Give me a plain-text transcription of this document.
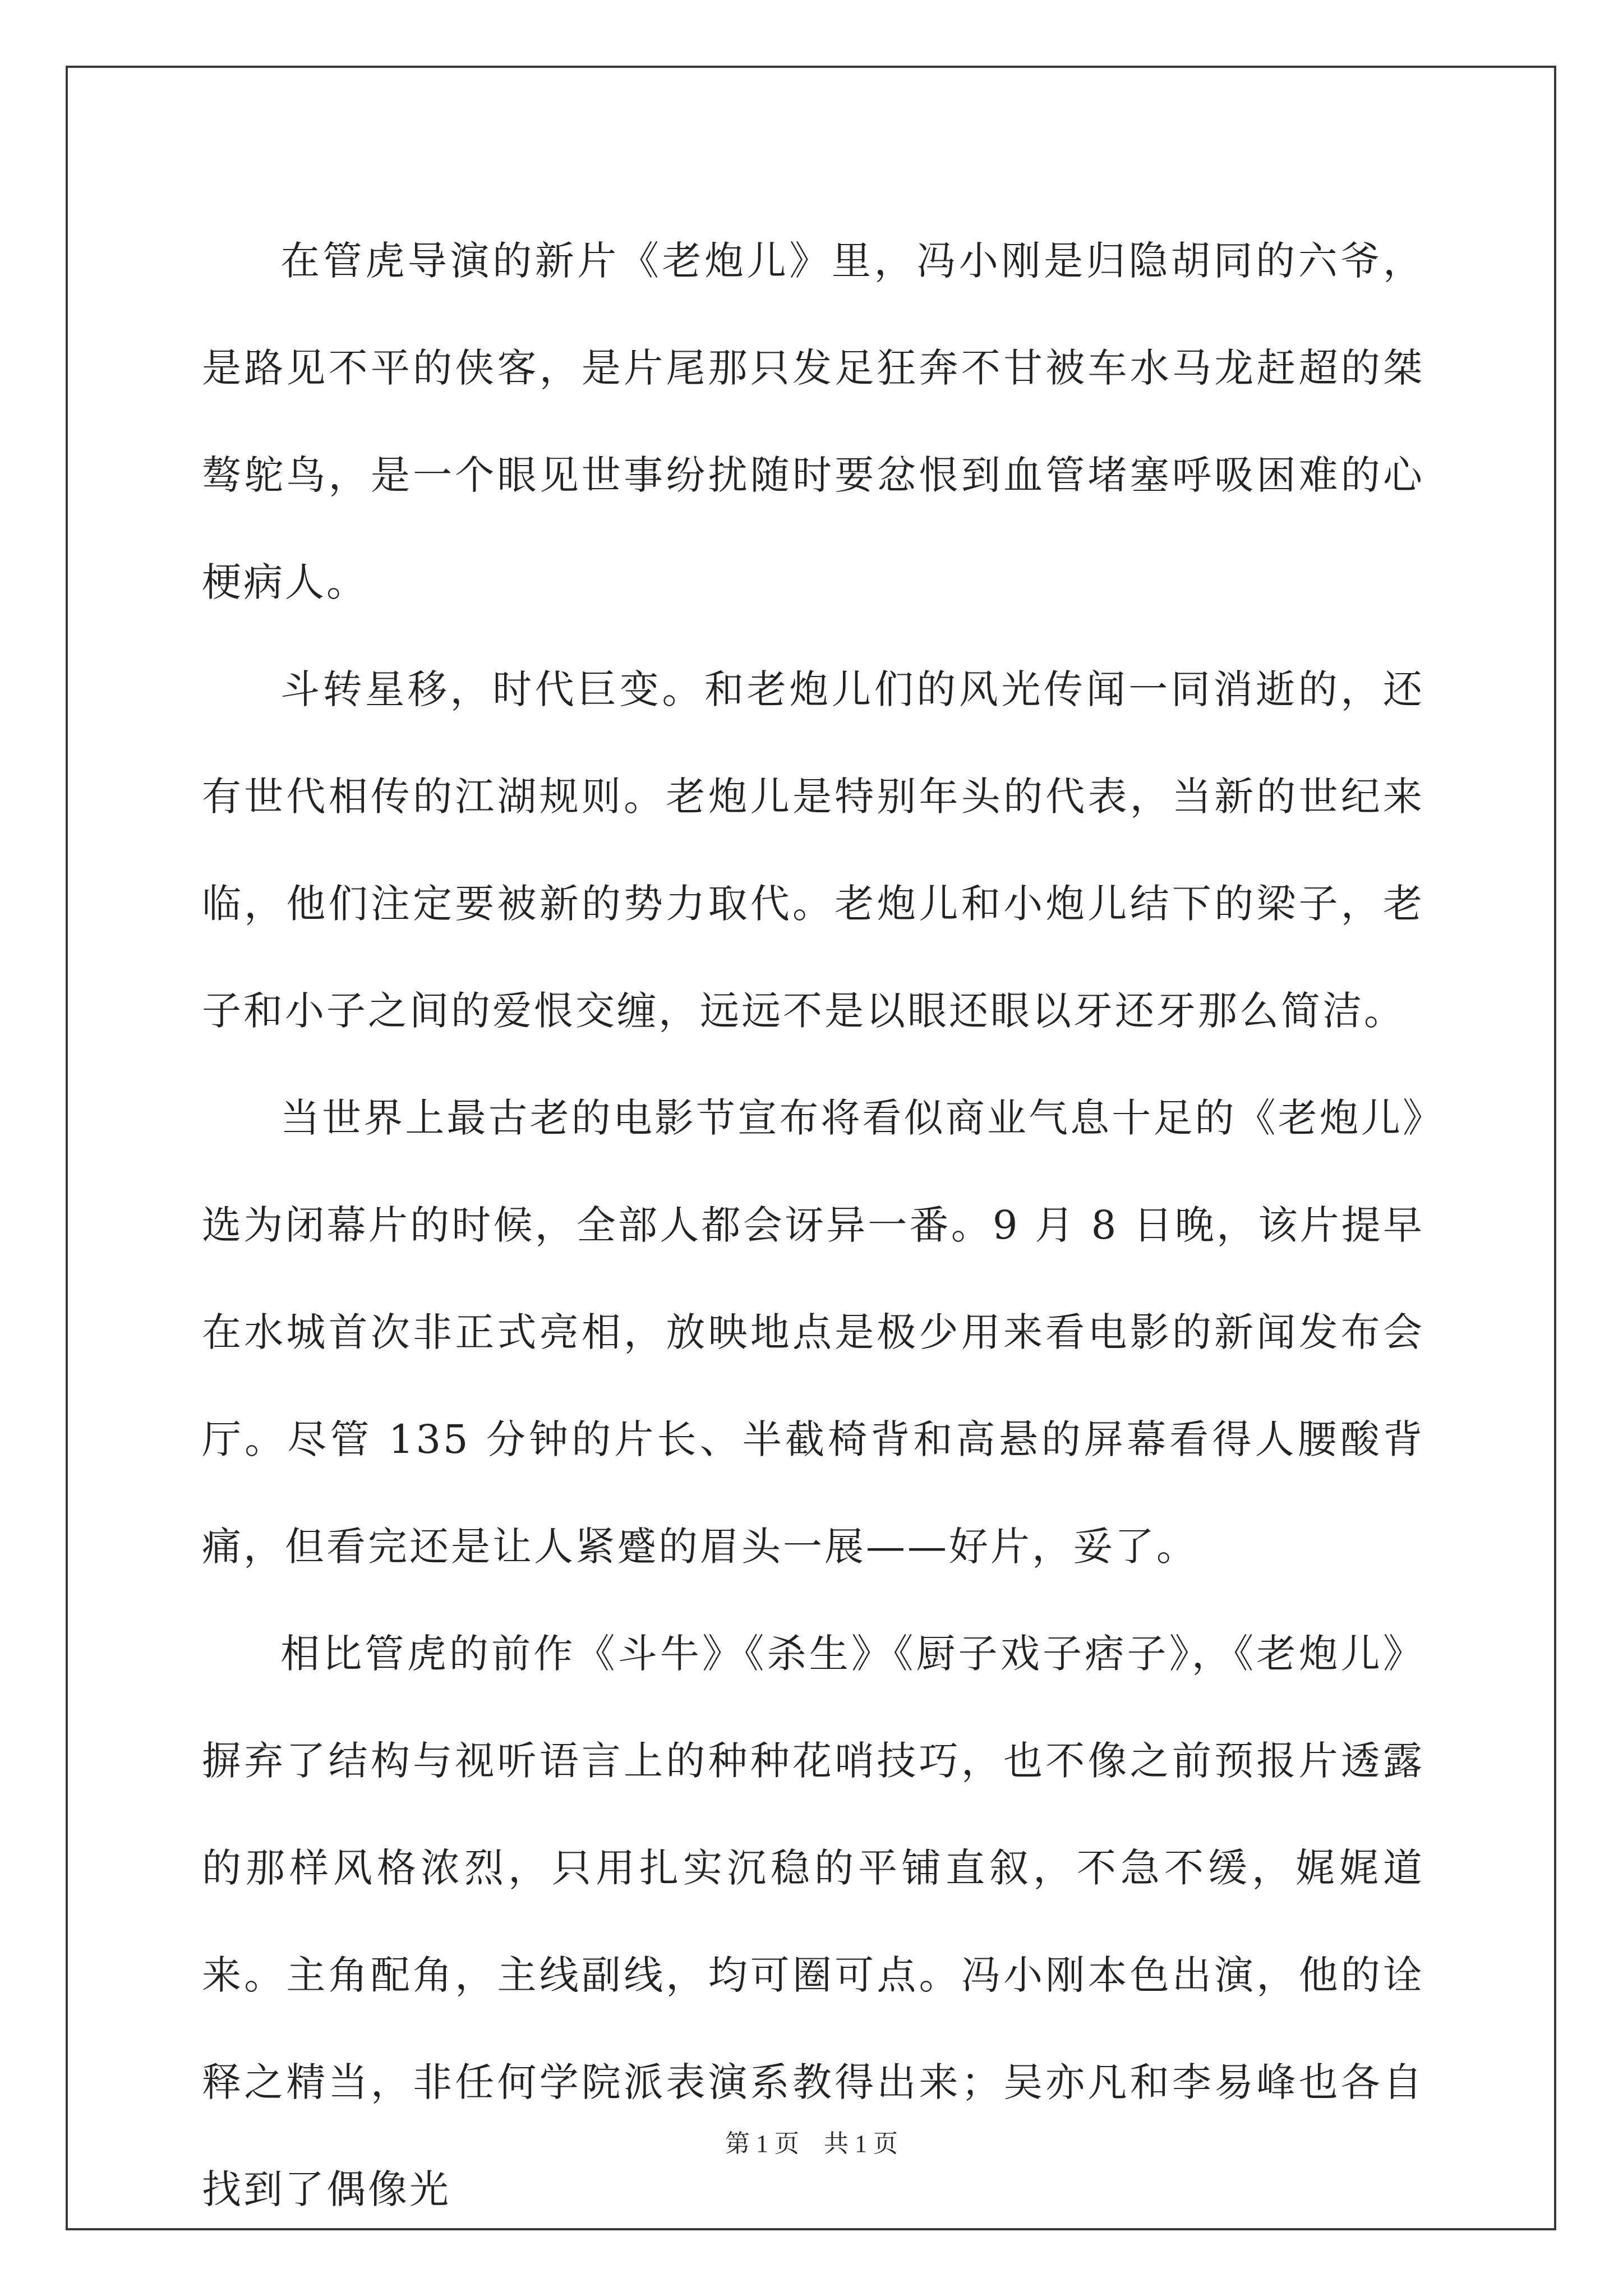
在管虎导演的新片《老炮儿》里，冯小刚是归隐胡同的六爷，是路见不平的侠客，是片尾那只发足狂奔不甘被车水马龙赶超的桀骜鸵鸟，是一个眼见世事纷扰随时要忿恨到血管堵塞呼吸困难的心梗病人。

斗转星移，时代巨变。和老炮儿们的风光传闻一同消逝的，还有世代相传的江湖规则。老炮儿是特别年头的代表，当新的世纪来临，他们注定要被新的势力取代。老炮儿和小炮儿结下的梁子，老子和小子之间的爱恨交缠，远远不是以眼还眼以牙还牙那么简洁。

当世界上最古老的电影节宣布将看似商业气息十足的《老炮儿》选为闭幕片的时候，全部人都会讶异一番。9 月 8 日晚，该片提早在水城首次非正式亮相，放映地点是极少用来看电影的新闻发布会厅。尽管 135 分钟的片长、半截椅背和高悬的屏幕看得人腰酸背痛，但看完还是让人紧蹙的眉头一展——好片，妥了。

相比管虎的前作《斗牛》《杀生》《厨子戏子痞子》，《老炮儿》摒弃了结构与视听语言上的种种花哨技巧，也不像之前预报片透露的那样风格浓烈，只用扎实沉稳的平铺直叙，不急不缓，娓娓道来。主角配角，主线副线，均可圈可点。冯小刚本色出演，他的诠释之精当，非任何学院派表演系教得出来；吴亦凡和李易峰也各自找到了偶像光

第 1 页　共 1 页
